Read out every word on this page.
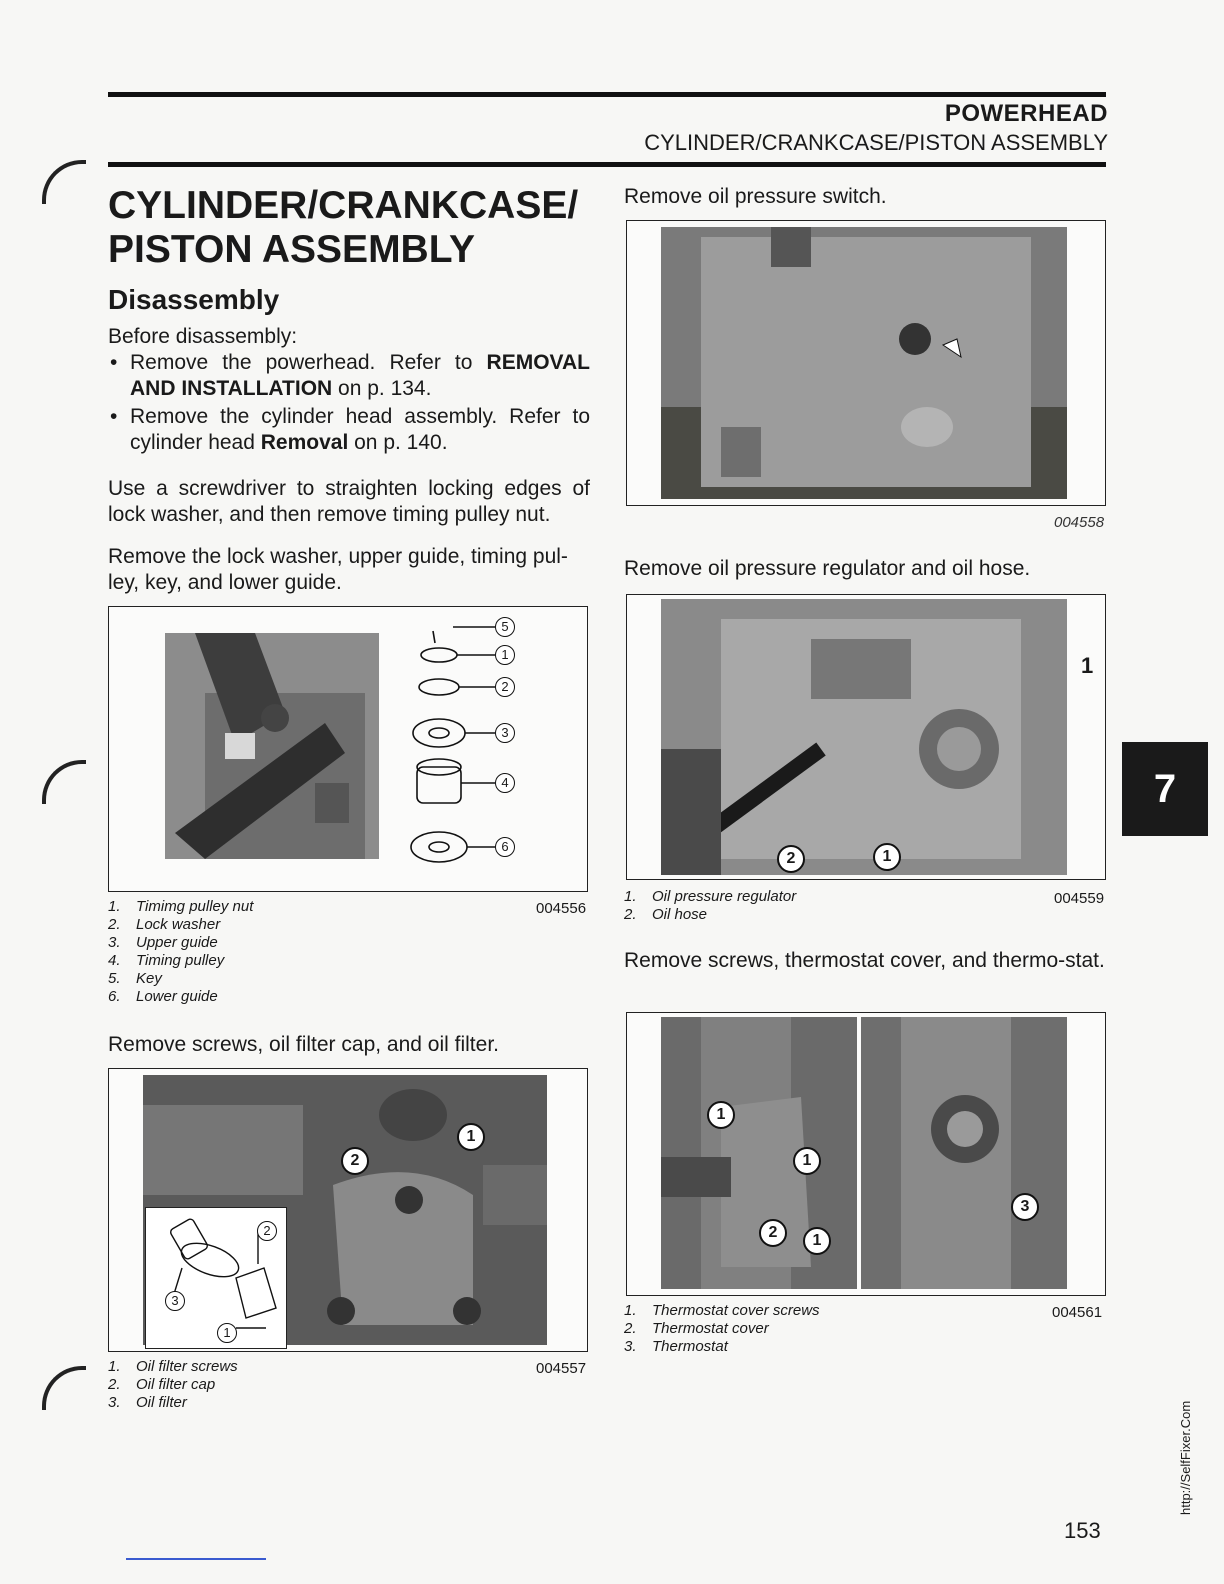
POWERHEAD
CYLINDER/CRANKCASE/PISTON ASSEMBLY
CYLINDER/CRANKCASE/
PISTON ASSEMBLY
Disassembly
Before disassembly:
• Remove the powerhead. Refer to REMOVAL AND INSTALLATION on p. 134.
• Remove the cylinder head assembly. Refer to cylinder head Removal on p. 140.
Use a screwdriver to straighten locking edges of lock washer, and then remove timing pulley nut.
Remove the lock washer, upper guide, timing pul-ley, key, and lower guide.
5
1
2
3
4
6
1. Timimg pulley nut
2. Lock washer
3. Upper guide
4. Timing pulley
5. Key
6. Lower guide
004556
Remove screws, oil filter cap, and oil filter.
1
2
2
3
1
1. Oil filter screws
2. Oil filter cap
3. Oil filter
004557
Remove oil pressure switch.
004558
Remove oil pressure regulator and oil hose.
1
2	1
1. Oil pressure regulator
2. Oil hose
004559
Remove screws, thermostat cover, and thermo-stat.
1
1
2	1
3
1. Thermostat cover screws
2. Thermostat cover
3. Thermostat
004561
7
http://SelfFixer.Com
153
